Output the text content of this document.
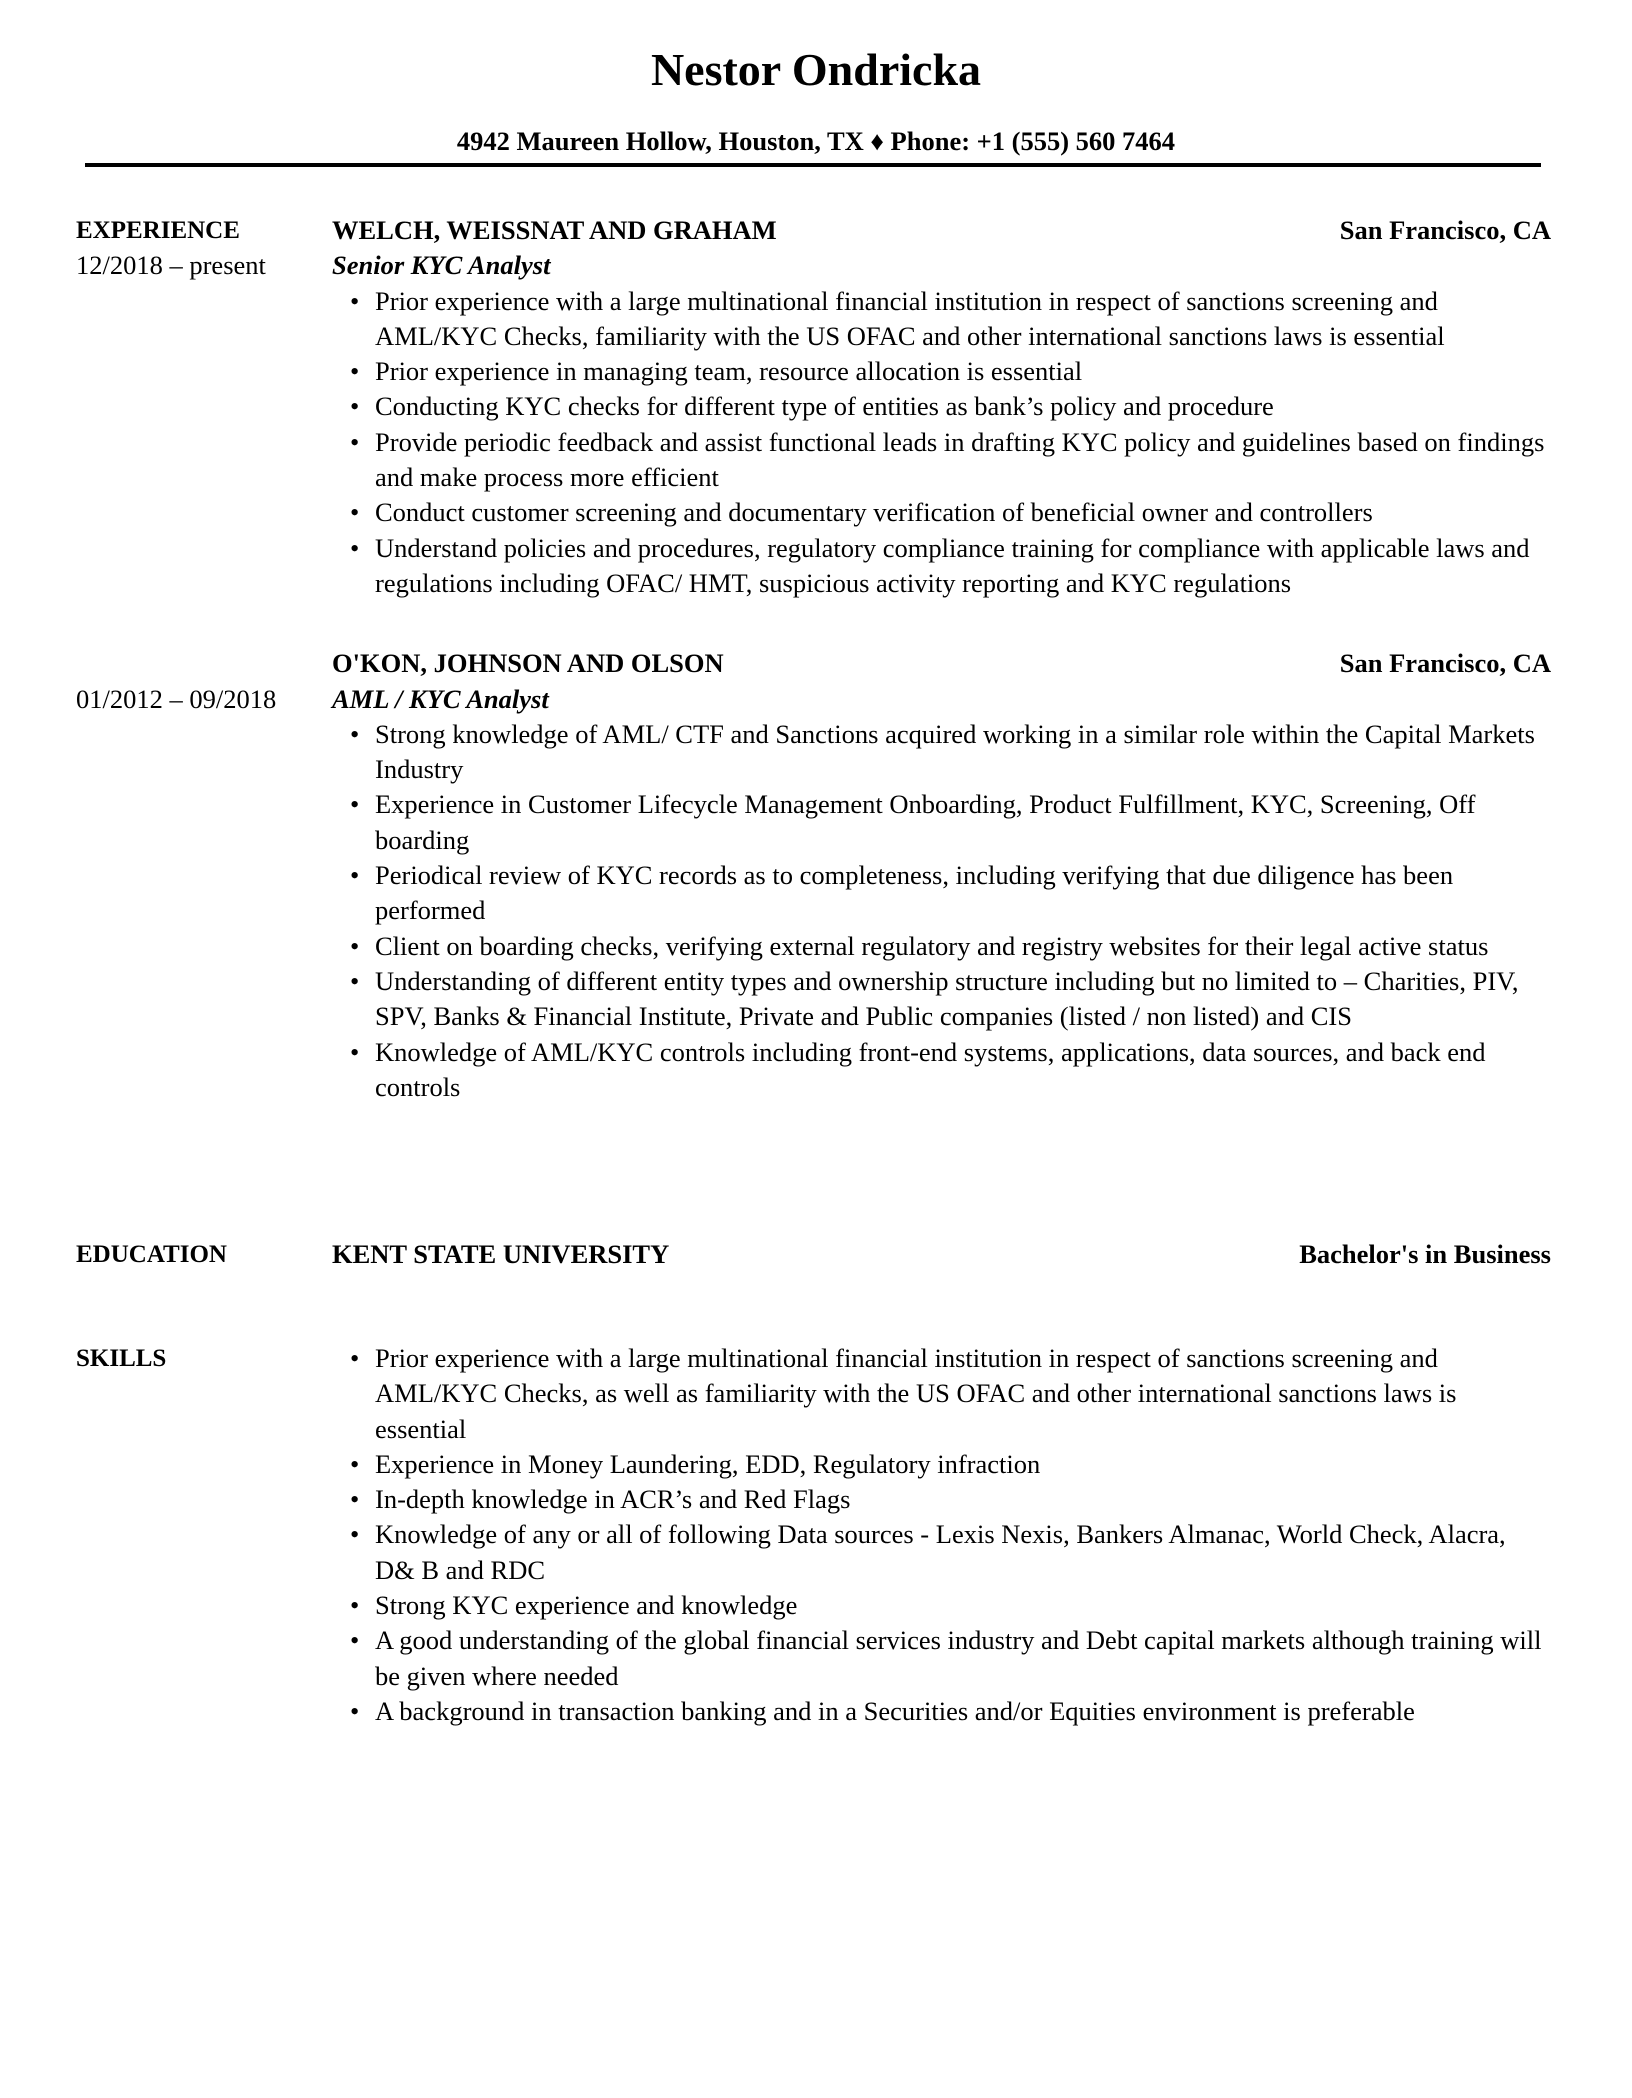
Nestor Ondricka
4942 Maureen Hollow, Houston, TX ♦ Phone: +1 (555) 560 7464
EXPERIENCE
12/2018 – present
WELCH, WEISSNAT AND GRAHAM	San Francisco, CA
Senior KYC Analyst
• Prior experience with a large multinational financial institution in respect of sanctions screening and AML/KYC Checks, familiarity with the US OFAC and other international sanctions laws is essential
• Prior experience in managing team, resource allocation is essential
• Conducting KYC checks for different type of entities as bank’s policy and procedure
• Provide periodic feedback and assist functional leads in drafting KYC policy and guidelines based on findings and make process more efficient
• Conduct customer screening and documentary verification of beneficial owner and controllers
• Understand policies and procedures, regulatory compliance training for compliance with applicable laws and regulations including OFAC/ HMT, suspicious activity reporting and KYC regulations

01/2012 – 09/2018
O'KON, JOHNSON AND OLSON	San Francisco, CA
AML / KYC Analyst
• Strong knowledge of AML/ CTF and Sanctions acquired working in a similar role within the Capital Markets Industry
• Experience in Customer Lifecycle Management Onboarding, Product Fulfillment, KYC, Screening, Off boarding
• Periodical review of KYC records as to completeness, including verifying that due diligence has been performed
• Client on boarding checks, verifying external regulatory and registry websites for their legal active status
• Understanding of different entity types and ownership structure including but no limited to – Charities, PIV, SPV, Banks & Financial Institute, Private and Public companies (listed / non listed) and CIS
• Knowledge of AML/KYC controls including front-end systems, applications, data sources, and back end controls
EDUCATION	KENT STATE UNIVERSITY	Bachelor's in Business
SKILLS	• Prior experience with a large multinational financial institution in respect of sanctions screening and AML/KYC Checks, as well as familiarity with the US OFAC and other international sanctions laws is essential
• Experience in Money Laundering, EDD, Regulatory infraction
• In-depth knowledge in ACR’s and Red Flags
• Knowledge of any or all of following Data sources - Lexis Nexis, Bankers Almanac, World Check, Alacra, D& B and RDC
• Strong KYC experience and knowledge
• A good understanding of the global financial services industry and Debt capital markets although training will be given where needed
• A background in transaction banking and in a Securities and/or Equities environment is preferable
